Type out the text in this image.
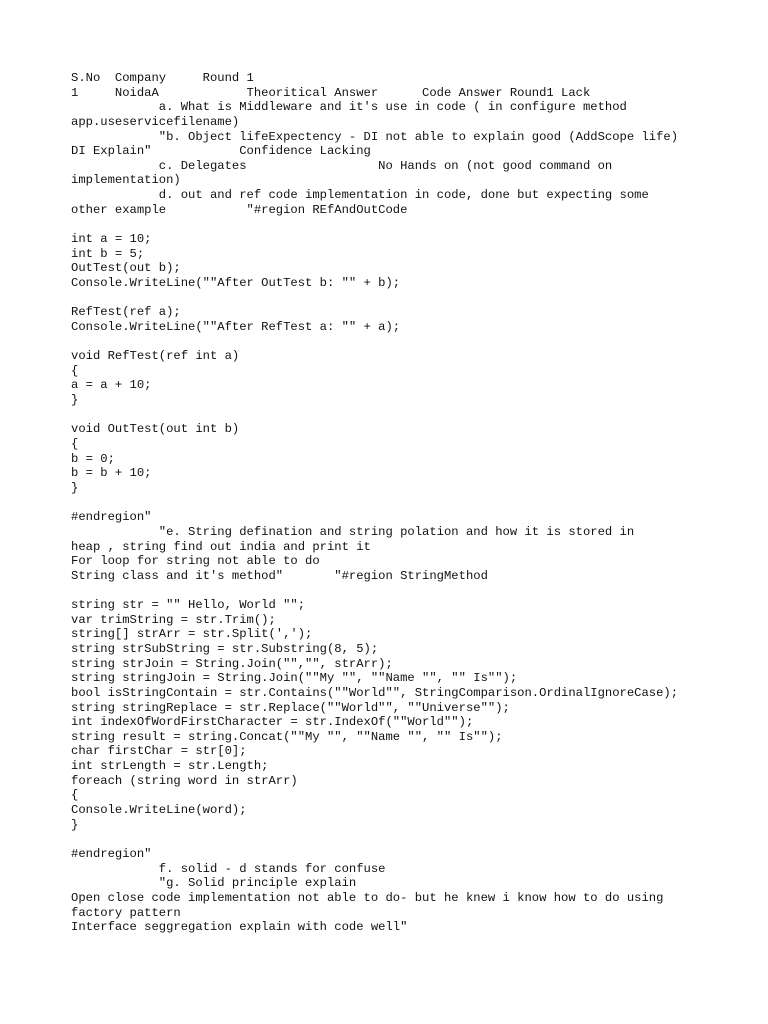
S.No  Company     Round 1
1     NoidaA            Theoritical Answer      Code Answer Round1 Lack
a. What is Middleware and it's use in code ( in configure method
app.useservicefilename)
"b. Object lifeExpectency - DI not able to explain good (AddScope life)
DI Explain"            Confidence Lacking
c. Delegates                  No Hands on (not good command on
implementation)
d. out and ref code implementation in code, done but expecting some
other example           "#region REfAndOutCode
int a = 10;
int b = 5;
OutTest(out b);
Console.WriteLine(""After OutTest b: "" + b);
RefTest(ref a);
Console.WriteLine(""After RefTest a: "" + a);
void RefTest(ref int a)
{
a = a + 10;
}
void OutTest(out int b)
{
b = 0;
b = b + 10;
}
#endregion"
"e. String defination and string polation and how it is stored in
heap , string find out india and print it
For loop for string not able to do
String class and it's method"       "#region StringMethod
string str = "" Hello, World "";
var trimString = str.Trim();
string[] strArr = str.Split(',');
string strSubString = str.Substring(8, 5);
string strJoin = String.Join("","", strArr);
string stringJoin = String.Join(""My "", ""Name "", "" Is"");
bool isStringContain = str.Contains(""World"", StringComparison.OrdinalIgnoreCase);
string stringReplace = str.Replace(""World"", ""Universe"");
int indexOfWordFirstCharacter = str.IndexOf(""World"");
string result = string.Concat(""My "", ""Name "", "" Is"");
char firstChar = str[0];
int strLength = str.Length;
foreach (string word in strArr)
{
Console.WriteLine(word);
}
#endregion"
f. solid - d stands for confuse
"g. Solid principle explain
Open close code implementation not able to do- but he knew i know how to do using
factory pattern
Interface seggregation explain with code well"
